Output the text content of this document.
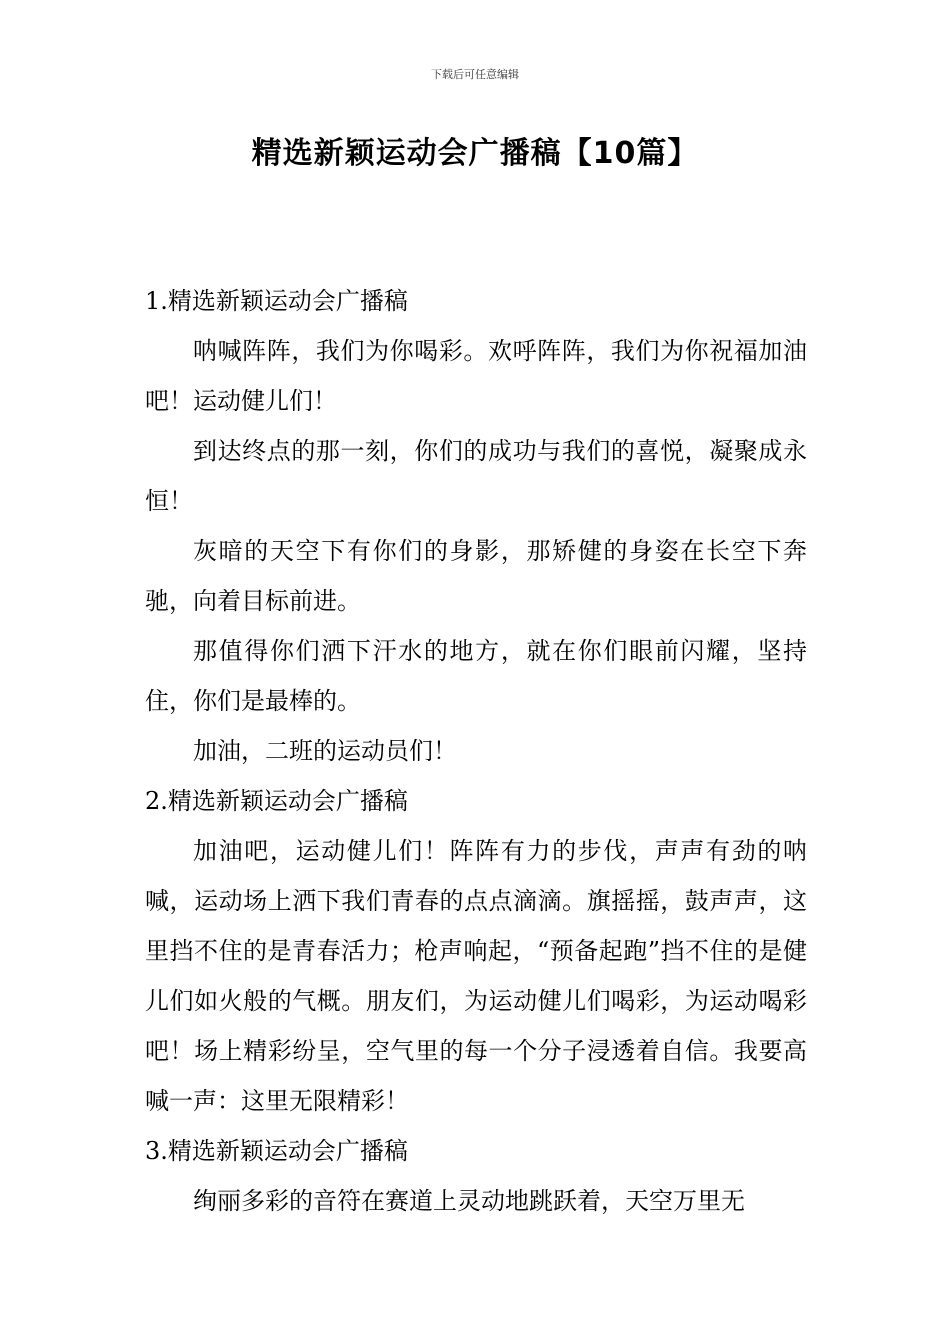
下载后可任意编辑
精选新颖运动会广播稿【10篇】

1.精选新颖运动会广播稿

呐喊阵阵，我们为你喝彩。欢呼阵阵，我们为你祝福加油吧！运动健儿们！

到达终点的那一刻，你们的成功与我们的喜悦，凝聚成永恒！

灰暗的天空下有你们的身影，那矫健的身姿在长空下奔驰，向着目标前进。

那值得你们洒下汗水的地方，就在你们眼前闪耀，坚持住，你们是最棒的。

加油，二班的运动员们！

2.精选新颖运动会广播稿

加油吧，运动健儿们！阵阵有力的步伐，声声有劲的呐喊，运动场上洒下我们青春的点点滴滴。旗摇摇，鼓声声，这里挡不住的是青春活力；枪声响起，“预备起跑”挡不住的是健儿们如火般的气概。朋友们，为运动健儿们喝彩，为运动喝彩吧！场上精彩纷呈，空气里的每一个分子浸透着自信。我要高喊一声：这里无限精彩！

3.精选新颖运动会广播稿

绚丽多彩的音符在赛道上灵动地跳跃着，天空万里无
